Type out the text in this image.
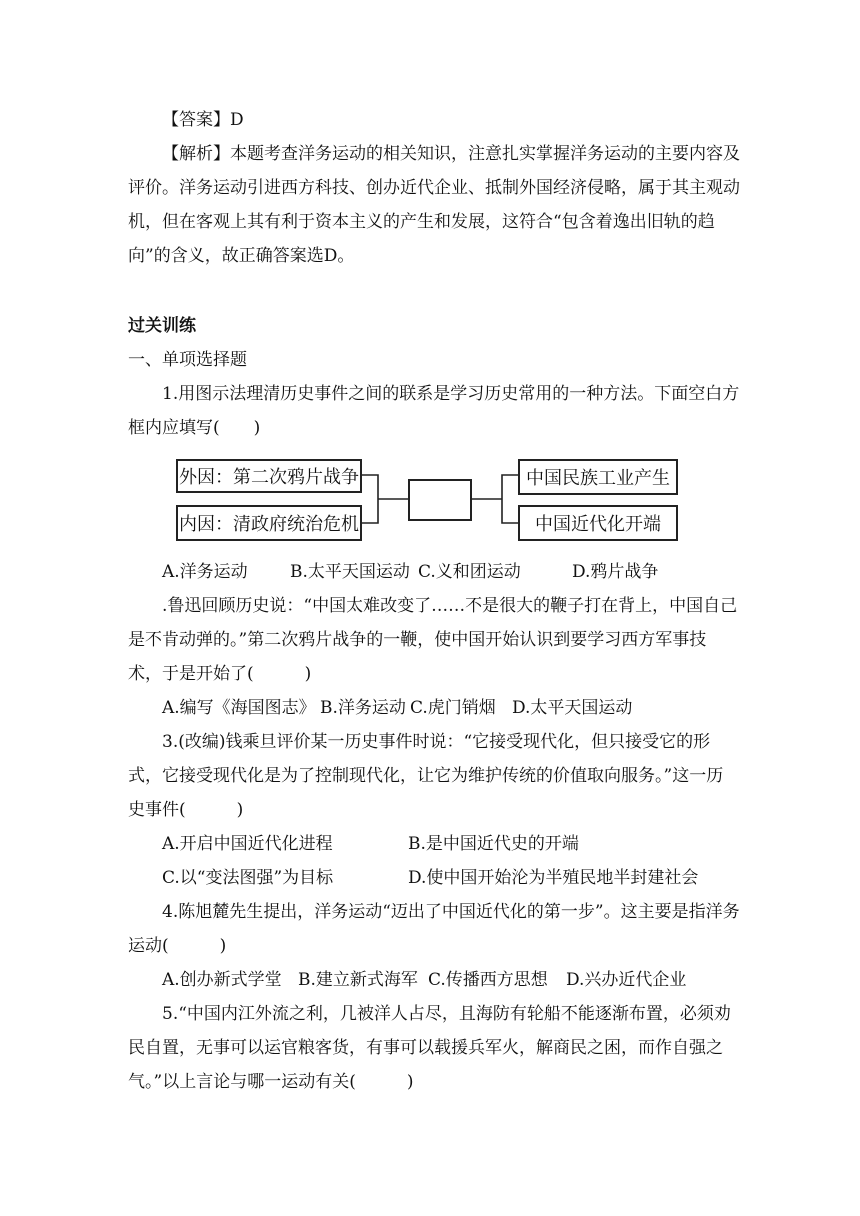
【答案】D

【解析】本题考查洋务运动的相关知识，注意扎实掌握洋务运动的主要内容及评价。洋务运动引进西方科技、创办近代企业、抵制外国经济侵略，属于其主观动机，但在客观上其有利于资本主义的产生和发展，这符合“包含着逸出旧轨的趋向”的含义，故正确答案选D。

过关训练

一、单项选择题

1.用图示法理清历史事件之间的联系是学习历史常用的一种方法。下面空白方框内应填写(　　)

外因：第二次鸦片战争
内因：清政府统治危机
中国民族工业产生
中国近代化开端
A.洋务运动 B.太平天国运动 C.义和团运动	D.鸦片战争

.鲁迅回顾历史说：“中国太难改变了……不是很大的鞭子打在背上，中国自己是不肯动弹的。”第二次鸦片战争的一鞭，使中国开始认识到要学习西方军事技术，于是开始了(　　　)

A.编写《海国图志》 B.洋务运动 C.虎门销烟 D.太平天国运动

3.(改编)钱乘旦评价某一历史事件时说：“它接受现代化，但只接受它的形式，它接受现代化是为了控制现代化，让它为维护传统的价值取向服务。”这一历史事件(　　　)

A.开启中国近代化进程	B.是中国近代史的开端
C.以“变法图强”为目标	D.使中国开始沦为半殖民地半封建社会

4.陈旭麓先生提出，洋务运动“迈出了中国近代化的第一步”。这主要是指洋务运动(　　　)

A.创办新式学堂 B.建立新式海军 C.传播西方思想 D.兴办近代企业

5.“中国内江外流之利，几被洋人占尽，且海防有轮船不能逐渐布置，必须劝民自置，无事可以运官粮客货，有事可以载援兵军火，解商民之困，而作自强之气。”以上言论与哪一运动有关(　　　)
